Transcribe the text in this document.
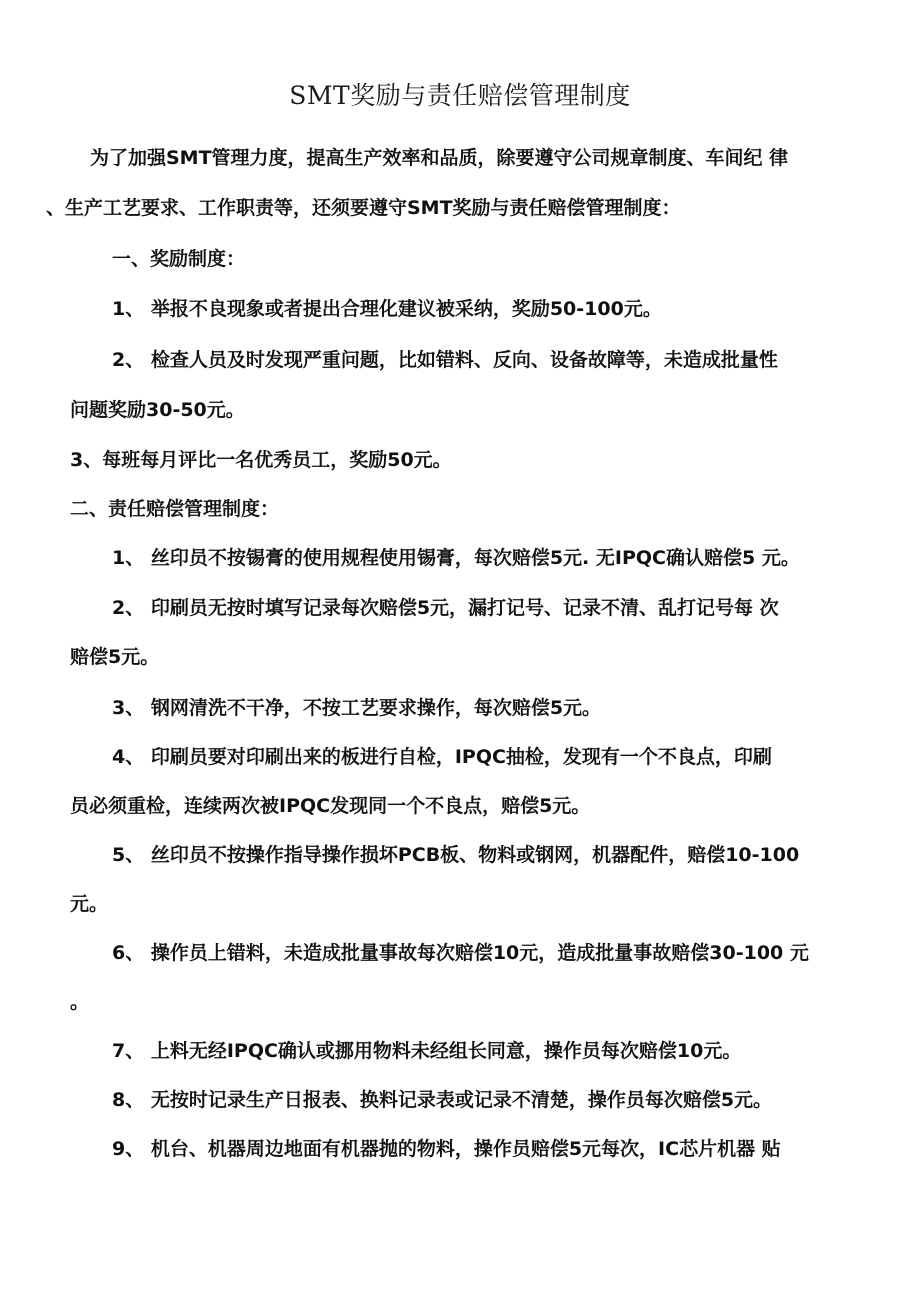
SMT奖励与责任赔偿管理制度
为了加强SMT管理力度，提高生产效率和品质，除要遵守公司规章制度、车间纪 律
、生产工艺要求、工作职责等，还须要遵守SMT奖励与责任赔偿管理制度：
一、奖励制度：
1、 举报不良现象或者提出合理化建议被采纳，奖励50-100元。
2、 检查人员及时发现严重问题，比如错料、反向、设备故障等，未造成批量性
问题奖励30-50元。
3、每班每月评比一名优秀员工，奖励50元。
二、责任赔偿管理制度：
1、 丝印员不按锡膏的使用规程使用锡膏，每次赔偿5元. 无IPQC确认赔偿5 元。
2、 印刷员无按时填写记录每次赔偿5元，漏打记号、记录不清、乱打记号每 次
赔偿5元。
3、 钢网清洗不干净，不按工艺要求操作，每次赔偿5元。
4、 印刷员要对印刷出来的板进行自检，IPQC抽检，发现有一个不良点，印刷
员必须重检，连续两次被IPQC发现同一个不良点，赔偿5元。
5、 丝印员不按操作指导操作损坏PCB板、物料或钢网，机器配件，赔偿10-100
元。
6、 操作员上错料，未造成批量事故每次赔偿10元，造成批量事故赔偿30-100 元
。
7、 上料无经IPQC确认或挪用物料未经组长同意，操作员每次赔偿10元。
8、 无按时记录生产日报表、换料记录表或记录不清楚，操作员每次赔偿5元。
9、 机台、机器周边地面有机器抛的物料，操作员赔偿5元每次，IC芯片机器 贴
